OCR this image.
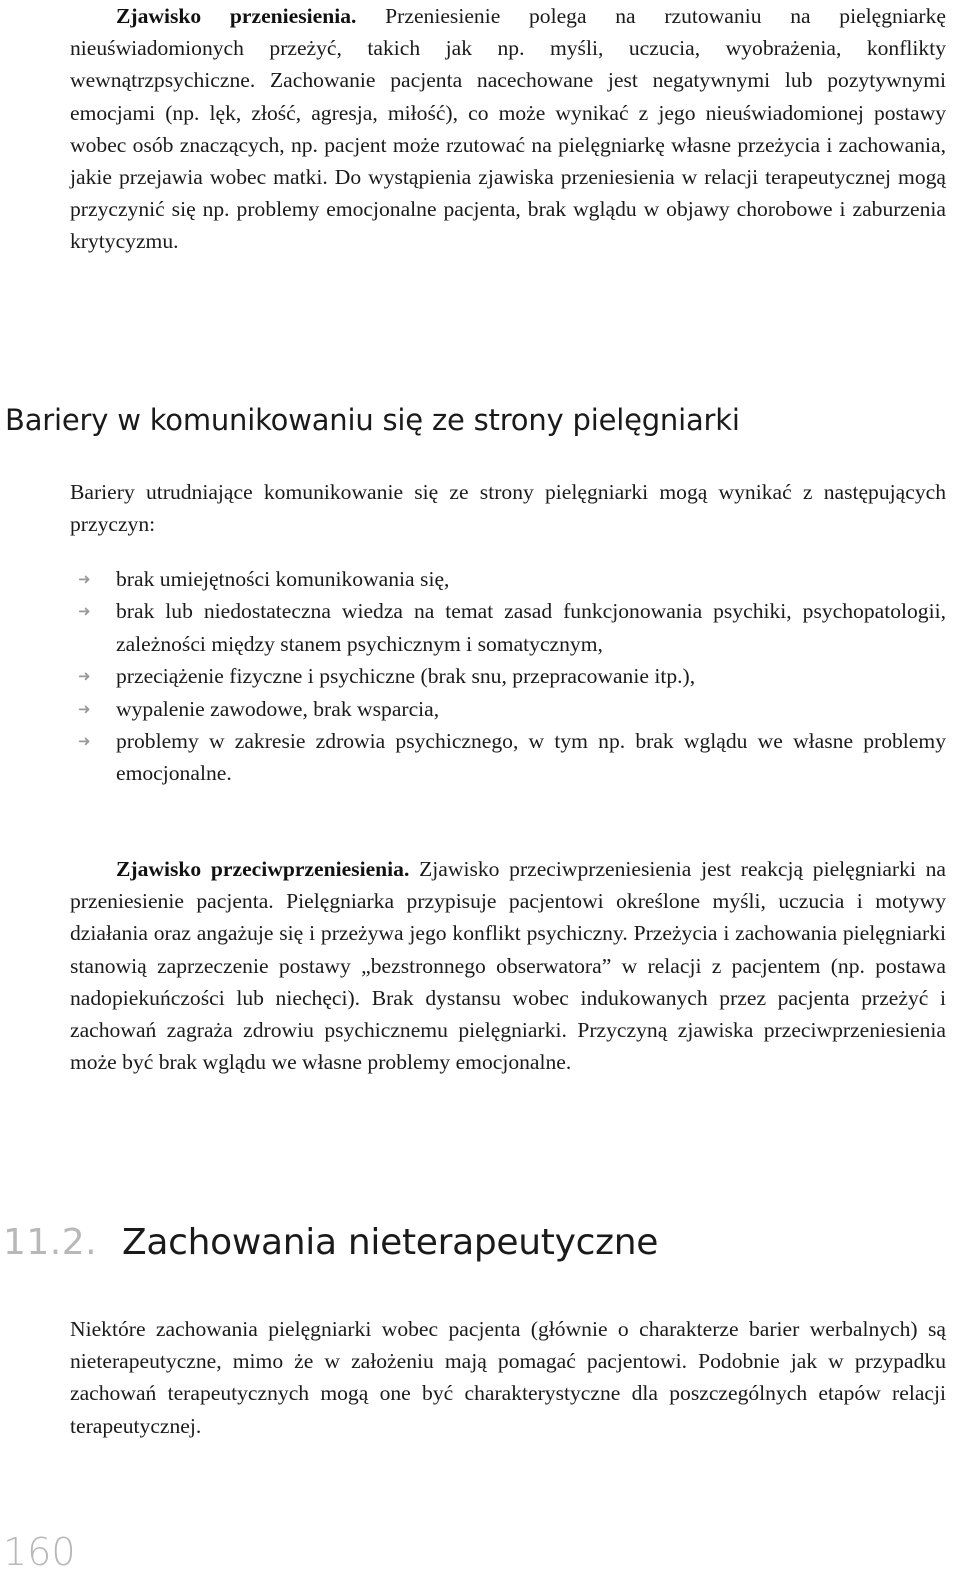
Zjawisko przeniesienia. Przeniesienie polega na rzutowaniu na pielęgniarkę nieuświadomionych przeżyć, takich jak np. myśli, uczucia, wyobrażenia, konflikty wewnątrzpsychiczne. Zachowanie pacjenta nacechowane jest negatywnymi lub pozytywnymi emocjami (np. lęk, złość, agresja, miłość), co może wynikać z jego nieuświadomionej postawy wobec osób znaczących, np. pacjent może rzutować na pielęgniarkę własne przeżycia i zachowania, jakie przejawia wobec matki. Do wystąpienia zjawiska przeniesienia w relacji terapeutycznej mogą przyczynić się np. problemy emocjonalne pacjenta, brak wglądu w objawy chorobowe i zaburzenia krytycyzmu.

Bariery w komunikowaniu się ze strony pielęgniarki

Bariery utrudniające komunikowanie się ze strony pielęgniarki mogą wynikać z następujących przyczyn:

➜ brak umiejętności komunikowania się,
➜ brak lub niedostateczna wiedza na temat zasad funkcjonowania psychiki, psychopatologii, zależności między stanem psychicznym i somatycznym,
➜ przeciążenie fizyczne i psychiczne (brak snu, przepracowanie itp.),
➜ wypalenie zawodowe, brak wsparcia,
➜ problemy w zakresie zdrowia psychicznego, w tym np. brak wglądu we własne problemy emocjonalne.

Zjawisko przeciwprzeniesienia. Zjawisko przeciwprzeniesienia jest reakcją pielęgniarki na przeniesienie pacjenta. Pielęgniarka przypisuje pacjentowi określone myśli, uczucia i motywy działania oraz angażuje się i przeżywa jego konflikt psychiczny. Przeżycia i zachowania pielęgniarki stanowią zaprzeczenie postawy „bezstronnego obserwatora” w relacji z pacjentem (np. postawa nadopiekuńczości lub niechęci). Brak dystansu wobec indukowanych przez pacjenta przeżyć i zachowań zagraża zdrowiu psychicznemu pielęgniarki. Przyczyną zjawiska przeciwprzeniesienia może być brak wglądu we własne problemy emocjonalne.

11.2. Zachowania nieterapeutyczne

Niektóre zachowania pielęgniarki wobec pacjenta (głównie o charakterze barier werbalnych) są nieterapeutyczne, mimo że w założeniu mają pomagać pacjentowi. Podobnie jak w przypadku zachowań terapeutycznych mogą one być charakterystyczne dla poszczególnych etapów relacji terapeutycznej.

160
